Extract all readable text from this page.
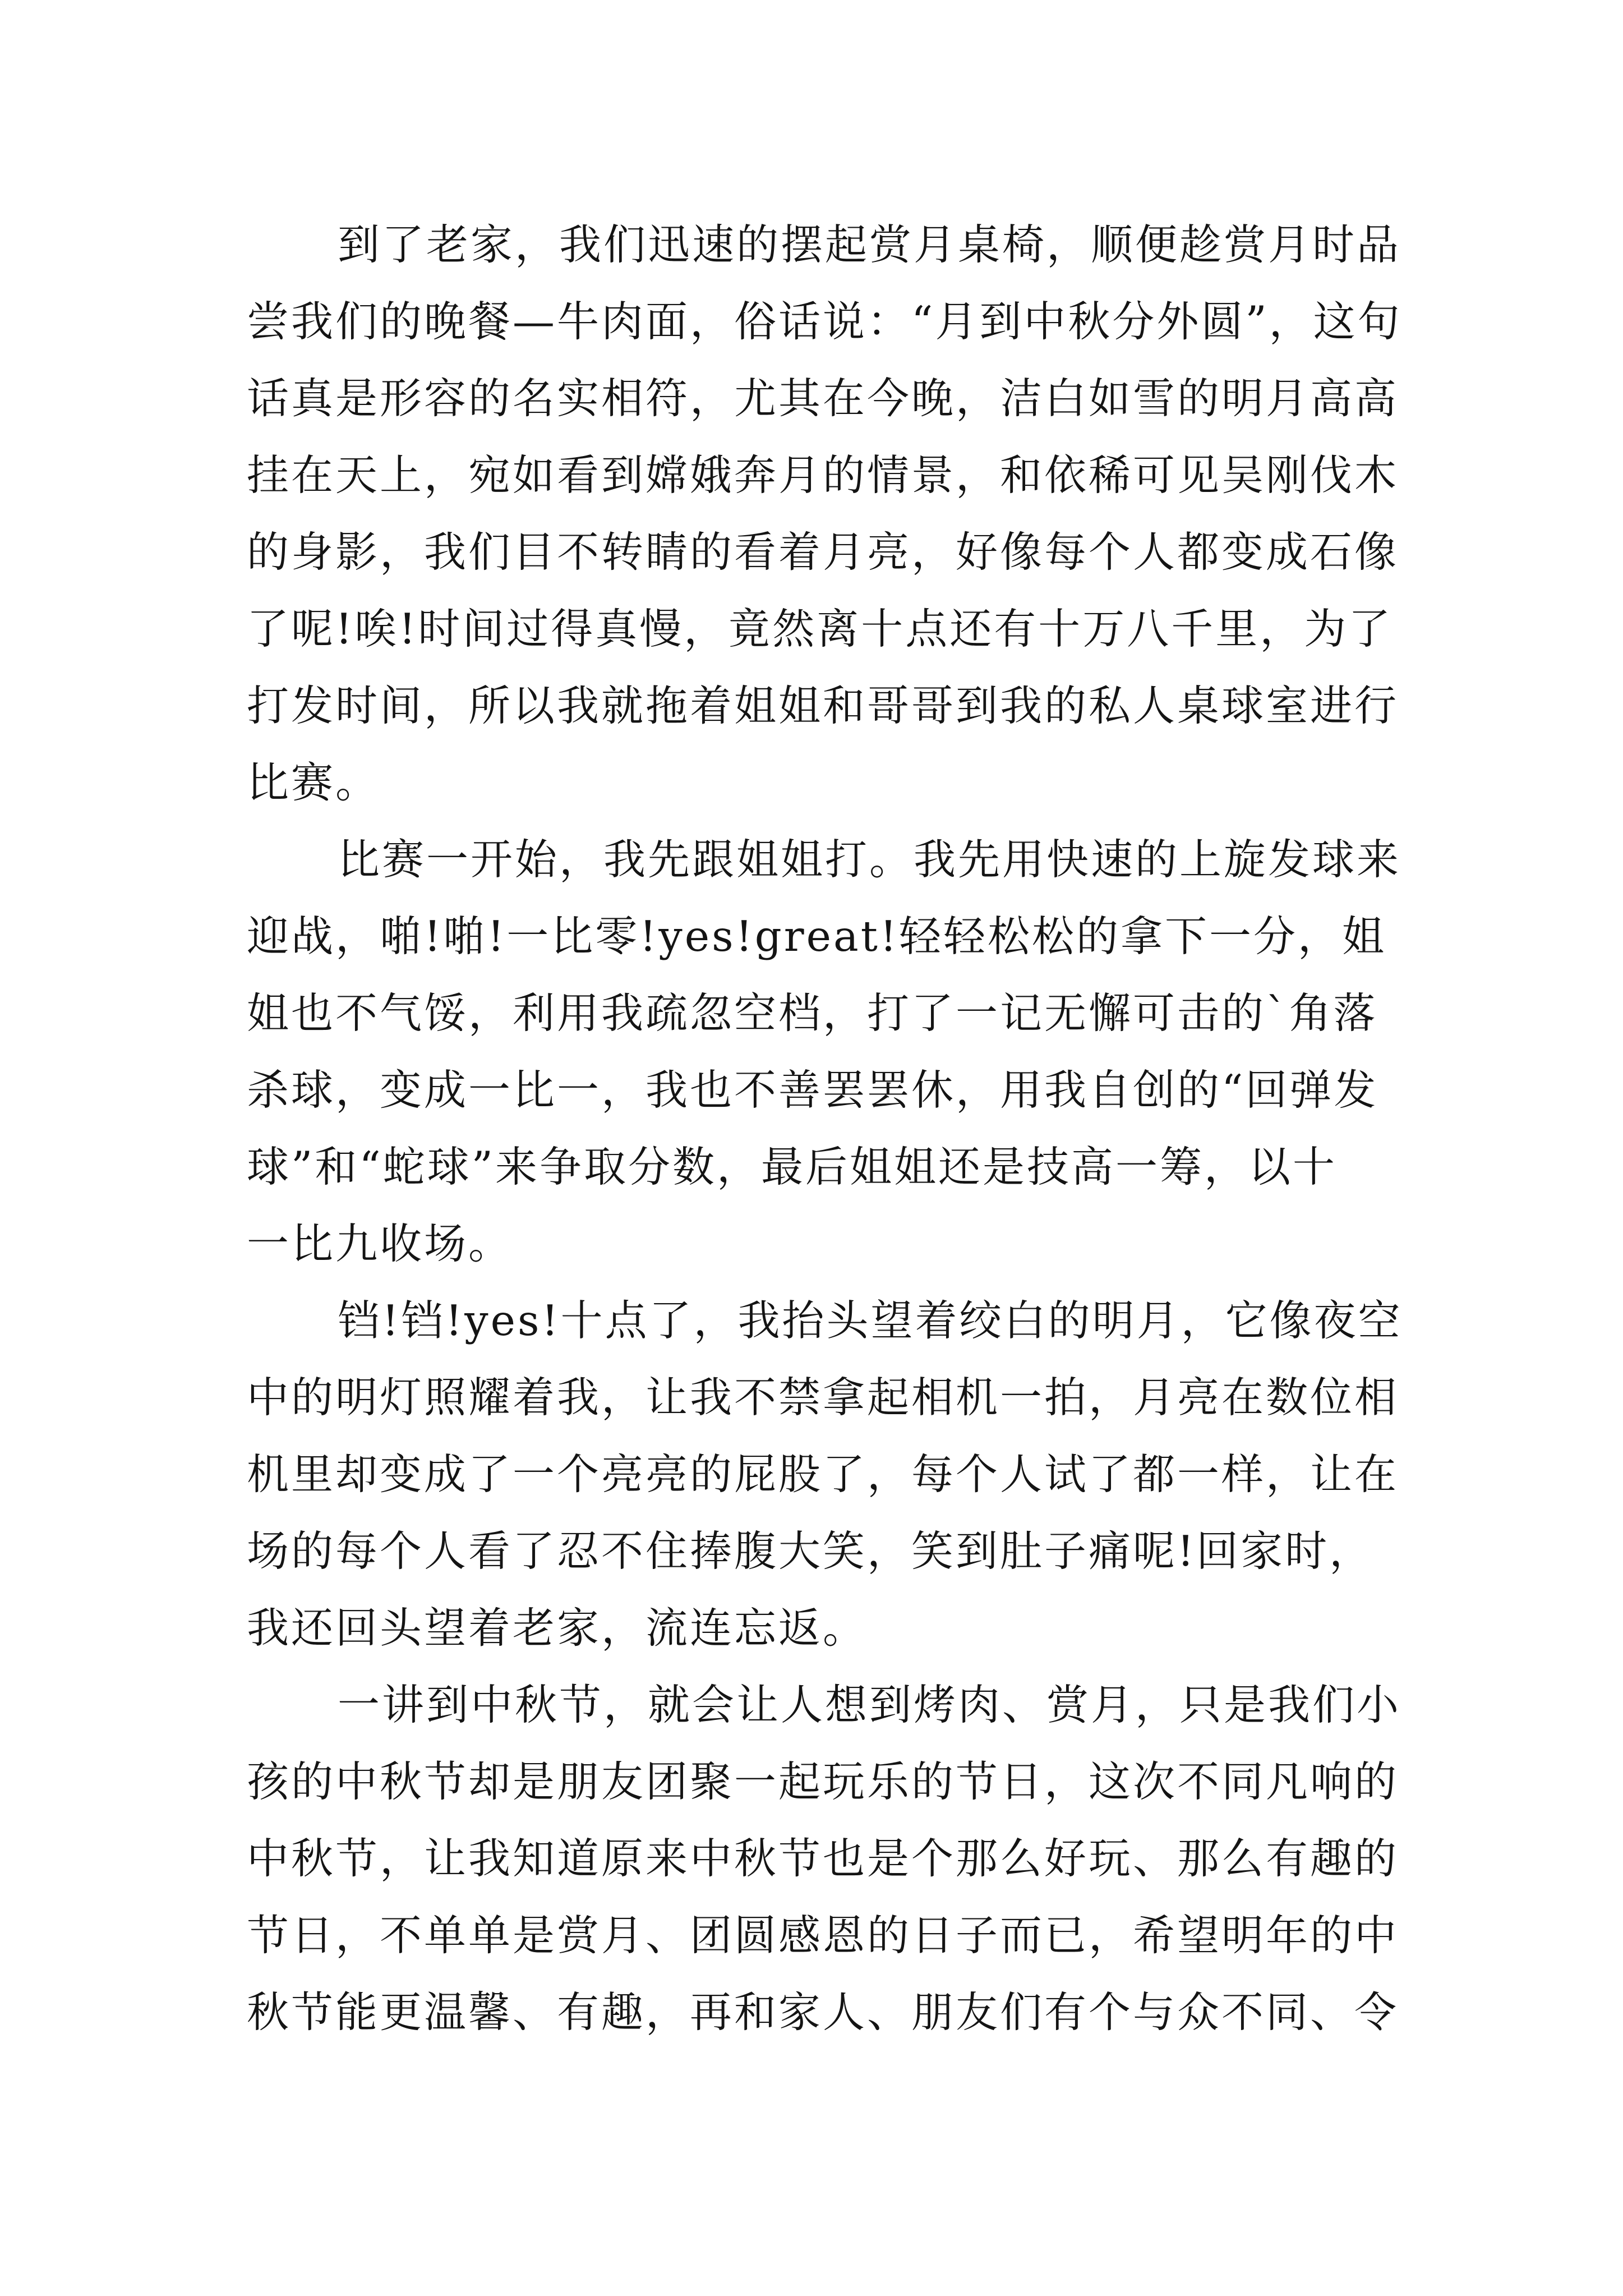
到了老家，我们迅速的摆起赏月桌椅，顺便趁赏月时品
尝我们的晚餐—牛肉面，俗话说：“月到中秋分外圆”，这句
话真是形容的名实相符，尤其在今晚，洁白如雪的明月高高
挂在天上，宛如看到嫦娥奔月的情景，和依稀可见吴刚伐木
的身影，我们目不转睛的看着月亮，好像每个人都变成石像
了呢!唉!时间过得真慢，竟然离十点还有十万八千里，为了
打发时间，所以我就拖着姐姐和哥哥到我的私人桌球室进行
比赛。

比赛一开始，我先跟姐姐打。我先用快速的上旋发球来
迎战，啪!啪!一比零!yes!great!轻轻松松的拿下一分，姐
姐也不气馁，利用我疏忽空档，打了一记无懈可击的`角落
杀球，变成一比一，我也不善罢罢休，用我自创的“回弹发
球”和“蛇球”来争取分数，最后姐姐还是技高一筹，以十
一比九收场。

铛!铛!yes!十点了，我抬头望着绞白的明月，它像夜空
中的明灯照耀着我，让我不禁拿起相机一拍，月亮在数位相
机里却变成了一个亮亮的屁股了，每个人试了都一样，让在
场的每个人看了忍不住捧腹大笑，笑到肚子痛呢!回家时，
我还回头望着老家，流连忘返。

一讲到中秋节，就会让人想到烤肉、赏月，只是我们小
孩的中秋节却是朋友团聚一起玩乐的节日，这次不同凡响的
中秋节，让我知道原来中秋节也是个那么好玩、那么有趣的
节日，不单单是赏月、团圆感恩的日子而已，希望明年的中
秋节能更温馨、有趣，再和家人、朋友们有个与众不同、令
